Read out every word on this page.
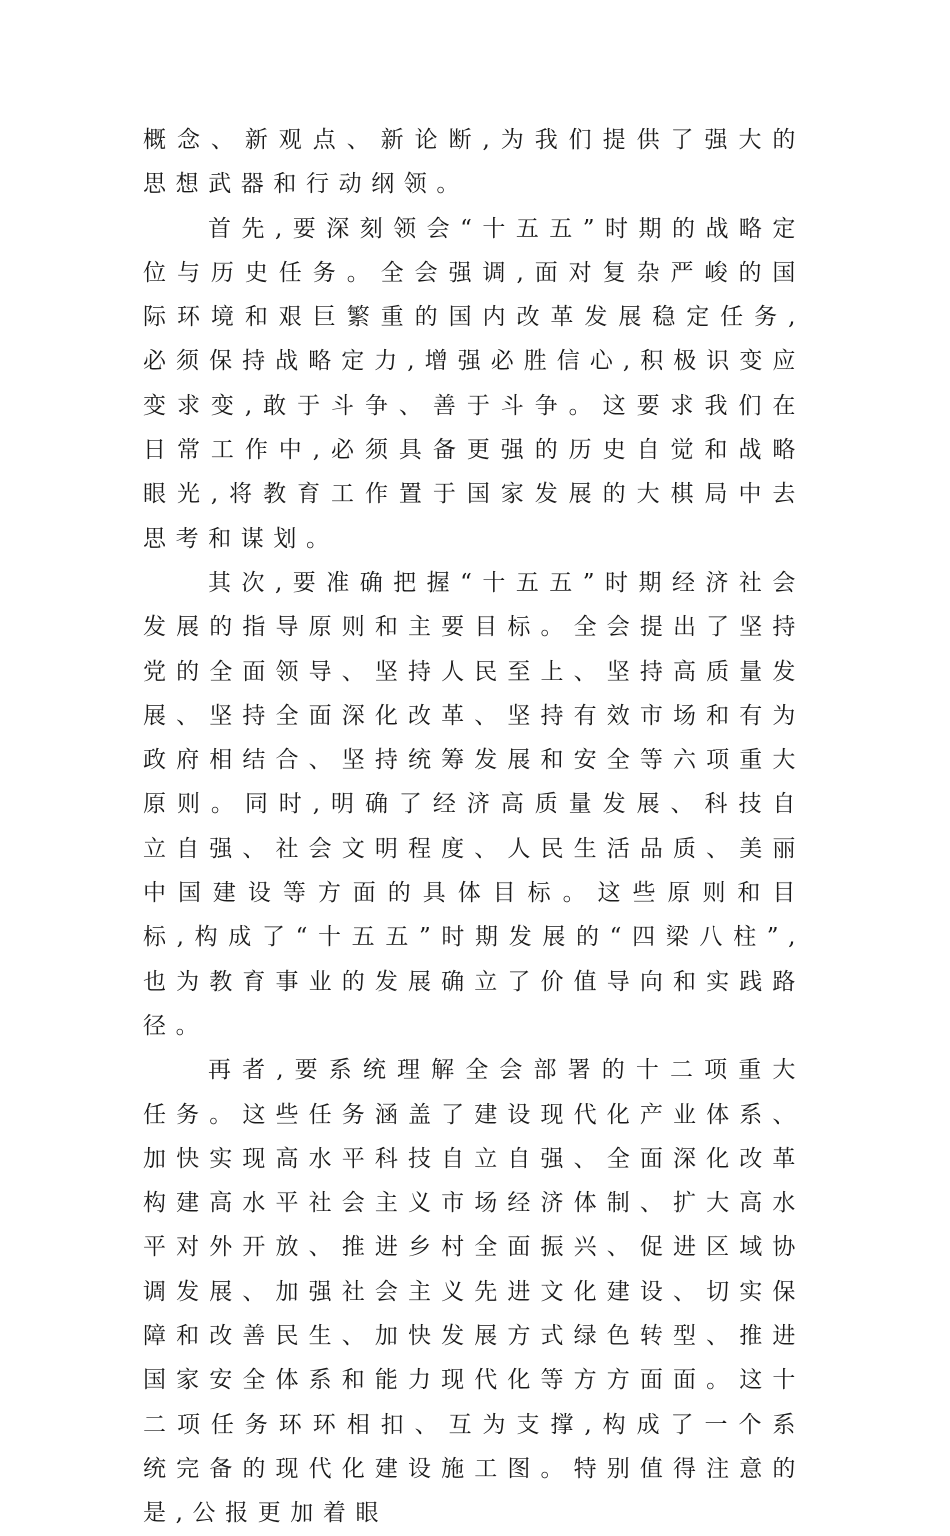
概念、新观点、新论断,为我们提供了强大的思想武器和行动纲领。

首先,要深刻领会“十五五”时期的战略定位与历史任务。全会强调,面对复杂严峻的国际环境和艰巨繁重的国内改革发展稳定任务,必须保持战略定力,增强必胜信心,积极识变应变求变,敢于斗争、善于斗争。这要求我们在日常工作中,必须具备更强的历史自觉和战略眼光,将教育工作置于国家发展的大棋局中去思考和谋划。

其次,要准确把握“十五五”时期经济社会发展的指导原则和主要目标。全会提出了坚持党的全面领导、坚持人民至上、坚持高质量发展、坚持全面深化改革、坚持有效市场和有为政府相结合、坚持统筹发展和安全等六项重大原则。同时,明确了经济高质量发展、科技自立自强、社会文明程度、人民生活品质、美丽中国建设等方面的具体目标。这些原则和目标,构成了“十五五”时期发展的“四梁八柱”,也为教育事业的发展确立了价值导向和实践路径。

再者,要系统理解全会部署的十二项重大任务。这些任务涵盖了建设现代化产业体系、加快实现高水平科技自立自强、全面深化改革构建高水平社会主义市场经济体制、扩大高水平对外开放、推进乡村全面振兴、促进区域协调发展、加强社会主义先进文化建设、切实保障和改善民生、加快发展方式绿色转型、推进国家安全体系和能力现代化等方方面面。这十二项任务环环相扣、互为支撑,构成了一个系统完备的现代化建设施工图。特别值得注意的是,公报更加着眼
